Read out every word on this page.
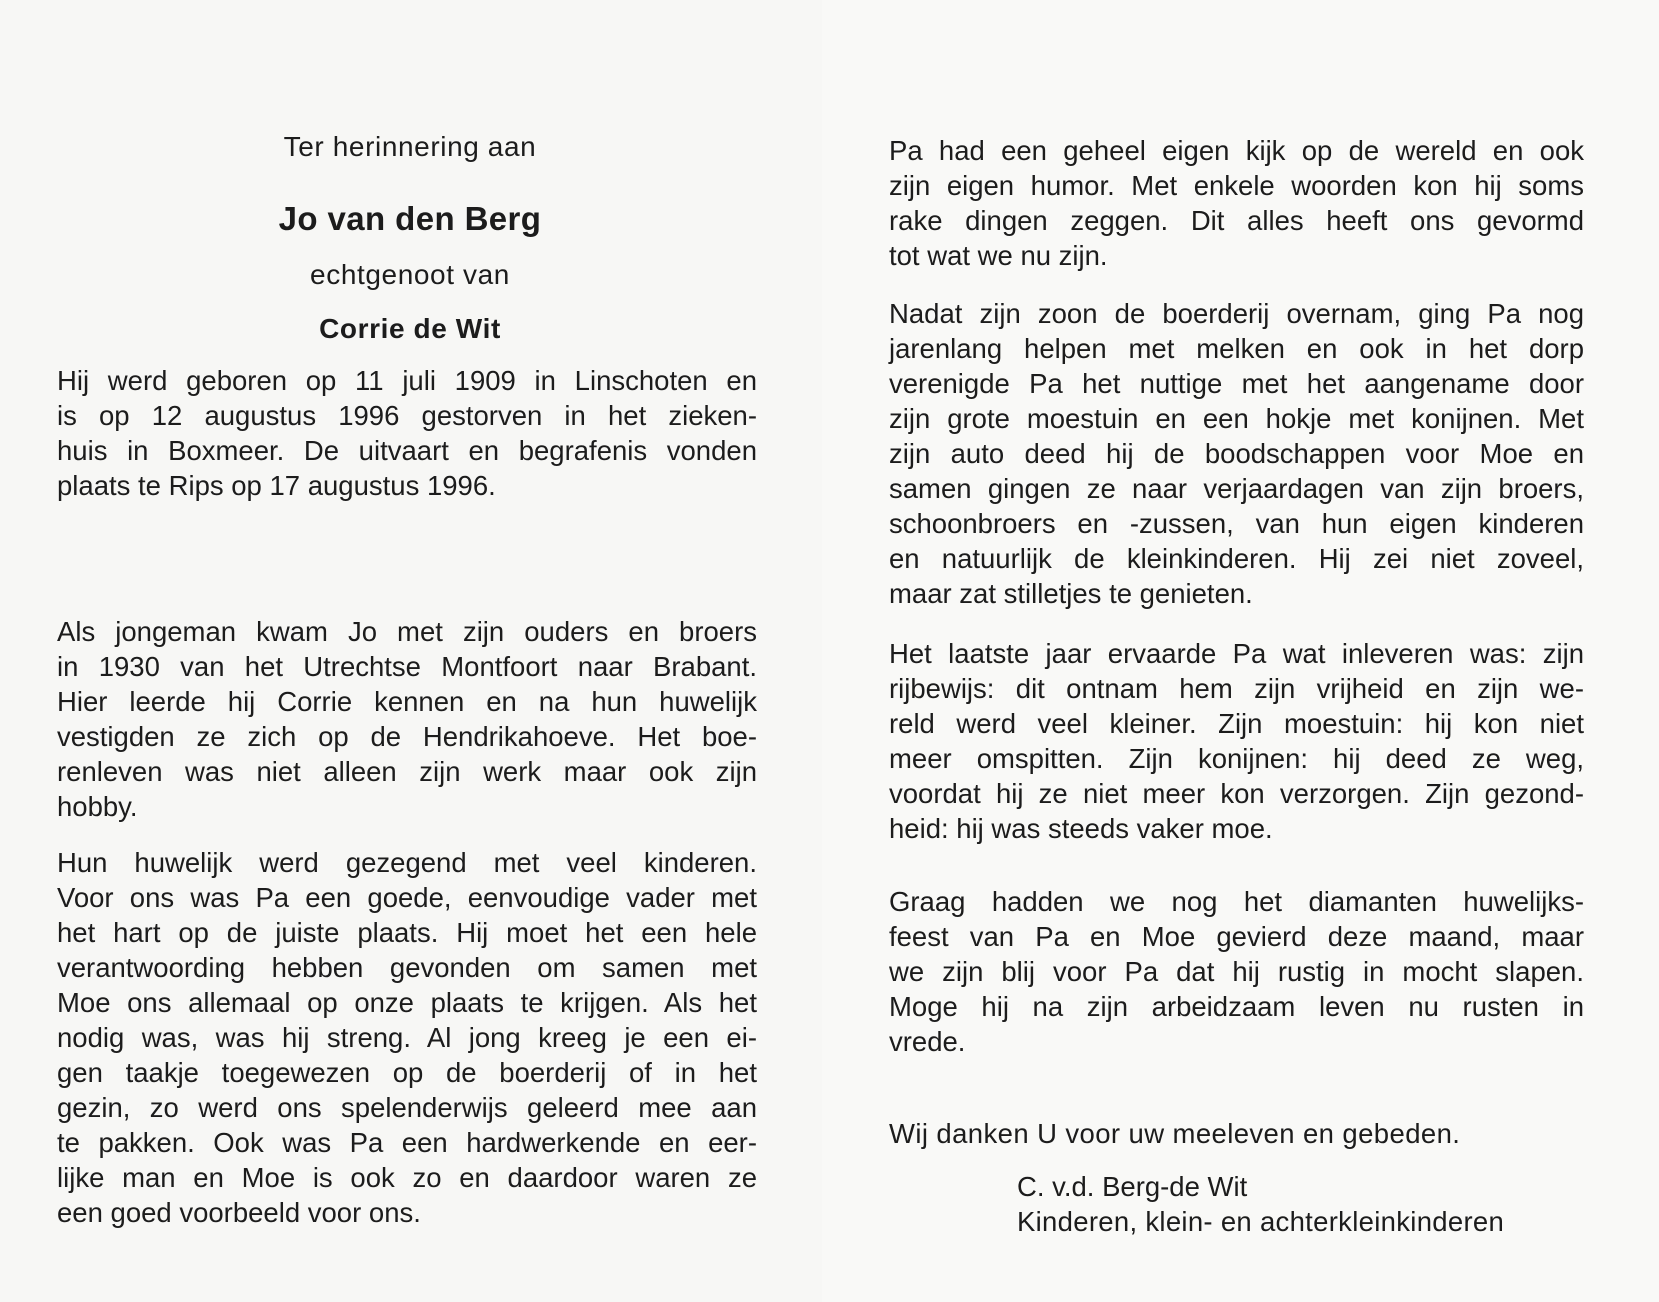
Ter herinnering aan
Jo van den Berg
echtgenoot van
Corrie de Wit

Hij werd geboren op 11 juli 1909 in Linschoten en
is op 12 augustus 1996 gestorven in het zieken-
huis in Boxmeer. De uitvaart en begrafenis vonden
plaats te Rips op 17 augustus 1996.

Als jongeman kwam Jo met zijn ouders en broers
in 1930 van het Utrechtse Montfoort naar Brabant.
Hier leerde hij Corrie kennen en na hun huwelijk
vestigden ze zich op de Hendrikahoeve. Het boe-
renleven was niet alleen zijn werk maar ook zijn
hobby.

Hun huwelijk werd gezegend met veel kinderen.
Voor ons was Pa een goede, eenvoudige vader met
het hart op de juiste plaats. Hij moet het een hele
verantwoording hebben gevonden om samen met
Moe ons allemaal op onze plaats te krijgen. Als het
nodig was, was hij streng. Al jong kreeg je een ei-
gen taakje toegewezen op de boerderij of in het
gezin, zo werd ons spelenderwijs geleerd mee aan
te pakken. Ook was Pa een hardwerkende en eer-
lijke man en Moe is ook zo en daardoor waren ze
een goed voorbeeld voor ons.

Pa had een geheel eigen kijk op de wereld en ook
zijn eigen humor. Met enkele woorden kon hij soms
rake dingen zeggen. Dit alles heeft ons gevormd
tot wat we nu zijn.

Nadat zijn zoon de boerderij overnam, ging Pa nog
jarenlang helpen met melken en ook in het dorp
verenigde Pa het nuttige met het aangename door
zijn grote moestuin en een hokje met konijnen. Met
zijn auto deed hij de boodschappen voor Moe en
samen gingen ze naar verjaardagen van zijn broers,
schoonbroers en -zussen, van hun eigen kinderen
en natuurlijk de kleinkinderen. Hij zei niet zoveel,
maar zat stilletjes te genieten.

Het laatste jaar ervaarde Pa wat inleveren was: zijn
rijbewijs: dit ontnam hem zijn vrijheid en zijn we-
reld werd veel kleiner. Zijn moestuin: hij kon niet
meer omspitten. Zijn konijnen: hij deed ze weg,
voordat hij ze niet meer kon verzorgen. Zijn gezond-
heid: hij was steeds vaker moe.

Graag hadden we nog het diamanten huwelijks-
feest van Pa en Moe gevierd deze maand, maar
we zijn blij voor Pa dat hij rustig in mocht slapen.
Moge hij na zijn arbeidzaam leven nu rusten in
vrede.

Wij danken U voor uw meeleven en gebeden.
C. v.d. Berg-de Wit
Kinderen, klein- en achterkleinkinderen
